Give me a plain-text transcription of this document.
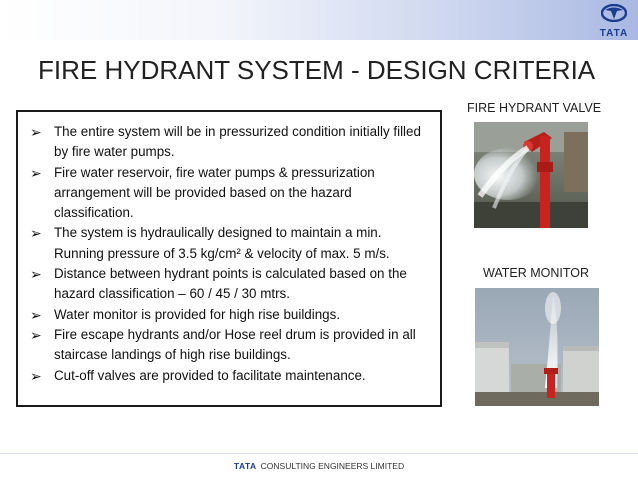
TATA
FIRE HYDRANT SYSTEM - DESIGN CRITERIA
➢ The entire system will be in pressurized condition initially filled by fire water pumps.
➢ Fire water reservoir, fire water pumps & pressurization arrangement will be provided based on the hazard classification.
➢ The system is hydraulically designed to maintain a min. Running pressure of 3.5 kg/cm² & velocity of max. 5 m/s.
➢ Distance between hydrant points is calculated based on the hazard classification – 60 / 45 / 30 mtrs.
➢ Water monitor is provided for high rise buildings.
➢ Fire escape hydrants and/or Hose reel drum is provided in all staircase landings of high rise buildings.
➢ Cut-off valves are provided to facilitate maintenance.
FIRE HYDRANT VALVE
WATER MONITOR
TATA CONSULTING ENGINEERS LIMITED
